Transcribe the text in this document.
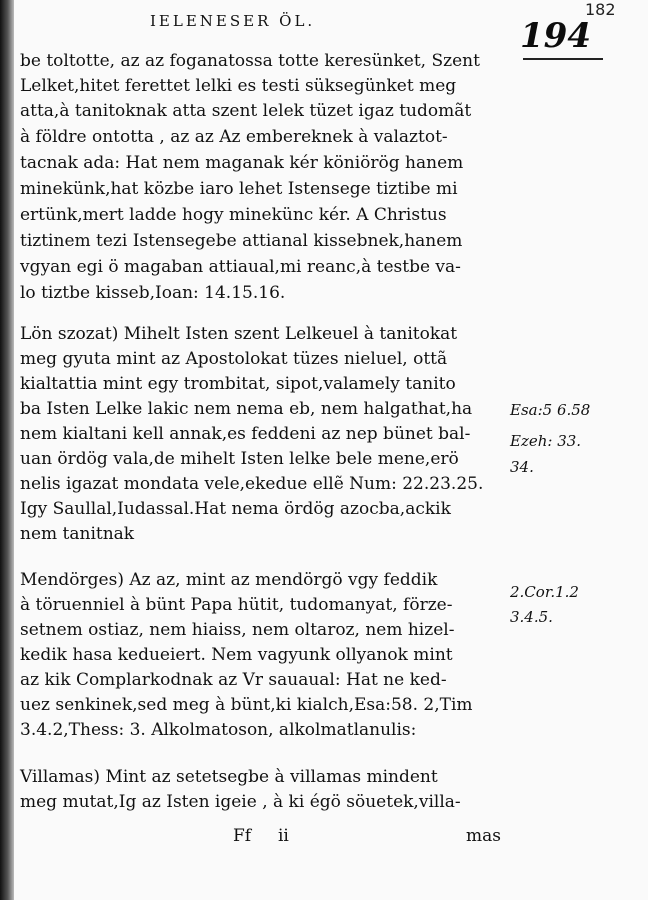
IELENESER ÖL.
182
194
be toltotte, az az foganatossa totte keresünket, Szent
Lelket,hitet ferettet lelki es testi süksegünket meg
atta,à tanitoknak atta szent lelek tüzet igaz tudomãt
à földre ontotta , az az Az embereknek à valaztot-
tacnak ada: Hat nem maganak kér köniörög hanem
minekünk,hat közbe iaro lehet Istensege tiztibe mi
ertünk,mert ladde hogy minekünc kér. A Christus
tiztinem tezi Istensegebe attianal kissebnek,hanem
vgyan egi ö magaban attiaual,mi reanc,à testbe va-
lo tiztbe kisseb,Ioan: 14.15.16.
Lön szozat) Mihelt Isten szent Lelkeuel à tanitokat
meg gyuta mint az Apostolokat tüzes nieluel, ottã
kialtattia mint egy trombitat, sipot,valamely tanito
ba Isten Lelke lakic nem nema eb, nem halgathat,ha
nem kialtani kell annak,es feddeni az nep bünet bal-
uan ördög vala,de mihelt Isten lelke bele mene,erö
nelis igazat mondata vele,ekedue ellẽ Num: 22.23.25.
Igy Saullal,Iudassal.Hat nema ördög azocba,ackik
nem tanitnak
Mendörges) Az az, mint az mendörgö vgy feddik
à töruenniel à bünt Papa hütit, tudomanyat, förze-
setnem ostiaz, nem hiaiss, nem oltaroz, nem hizel-
kedik hasa kedueiert. Nem vagyunk ollyanok mint
az kik Complarkodnak az Vr sauaual: Hat ne ked-
uez senkinek,sed meg à bünt,ki kialch,Esa:58. 2,Tim
3.4.2,Thess: 3. Alkolmatoson, alkolmatlanulis:
Villamas) Mint az setetsegbe à villamas mindent
meg mutat,Ig az Isten igeie , à ki égö söuetek,villa-
Esa:5 6.58
Ezeh: 33.
34.
2.Cor.1.2
3.4.5.
Ff ii	mas
